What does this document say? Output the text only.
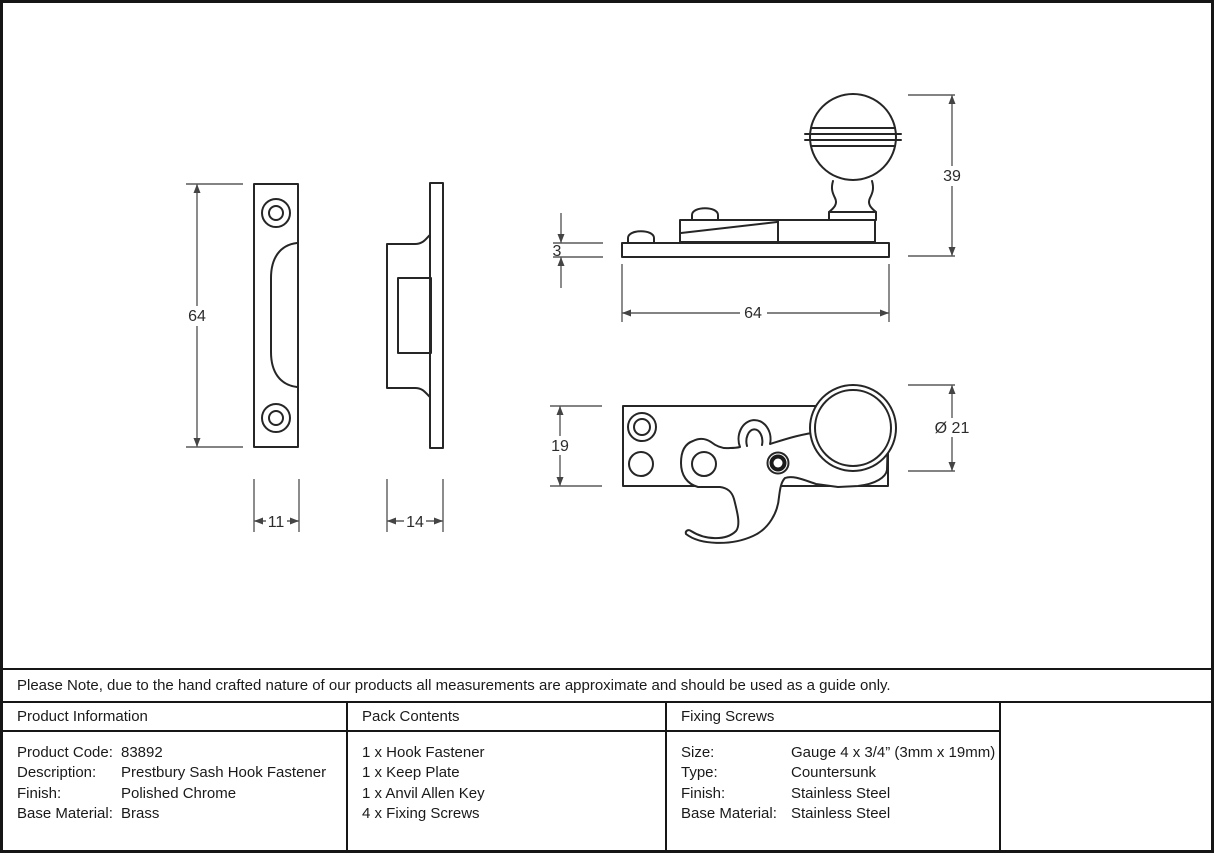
64
11	14
39
3
64
19
Ø 21
Please Note, due to the hand crafted nature of our products all measurements are approximate and should be used as a guide only.
Product Information
Product Code: 83892
Description:	Prestbury Sash Hook Fastener
Finish:	Polished Chrome
Base Material: Brass
Pack Contents
1 x Hook Fastener
1 x Keep Plate
1 x Anvil Allen Key
4 x Fixing Screws
Fixing Screws
Size:	Gauge 4 x 3/4” (3mm x 19mm)
Type:	Countersunk
Finish:	Stainless Steel
Base Material: Stainless Steel
